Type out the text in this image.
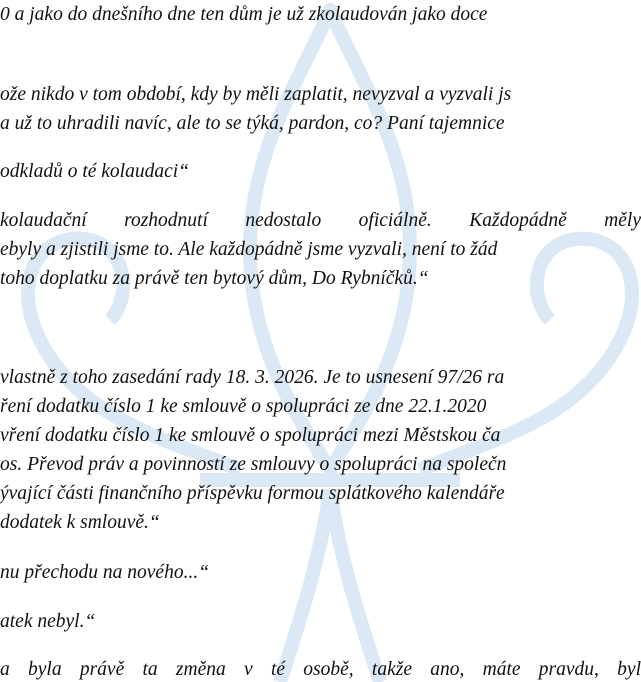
0 a jako do dnešního dne ten dům je už zkolaudován jako doce
ože nikdo v tom období, kdy by měli zaplatit, nevyzval a vyzvali js
a už to uhradili navíc, ale to se týká, pardon, co? Paní tajemnice
odkladů o té kolaudaci“
kolaudační rozhodnutí nedostalo oficiálně. Každopádně měly
ebyly a zjistili jsme to. Ale každopádně jsme vyzvali, není to žád
toho doplatku za právě ten bytový dům, Do Rybníčků.“
vlastně z toho zasedání rady 18. 3. 2026. Je to usnesení 97/26 ra
ření dodatku číslo 1 ke smlouvě o spolupráci ze dne 22.1.2020
vření dodatku číslo 1 ke smlouvě o spolupráci mezi Městskou ča
os. Převod práv a povinností ze smlouvy o spolupráci na společn
ývající části finančního příspěvku formou splátkového kalendáře
dodatek k smlouvě.“
nu přechodu na nového...“
atek nebyl.“
a byla právě ta změna v té osobě, takže ano, máte pravdu, byl
